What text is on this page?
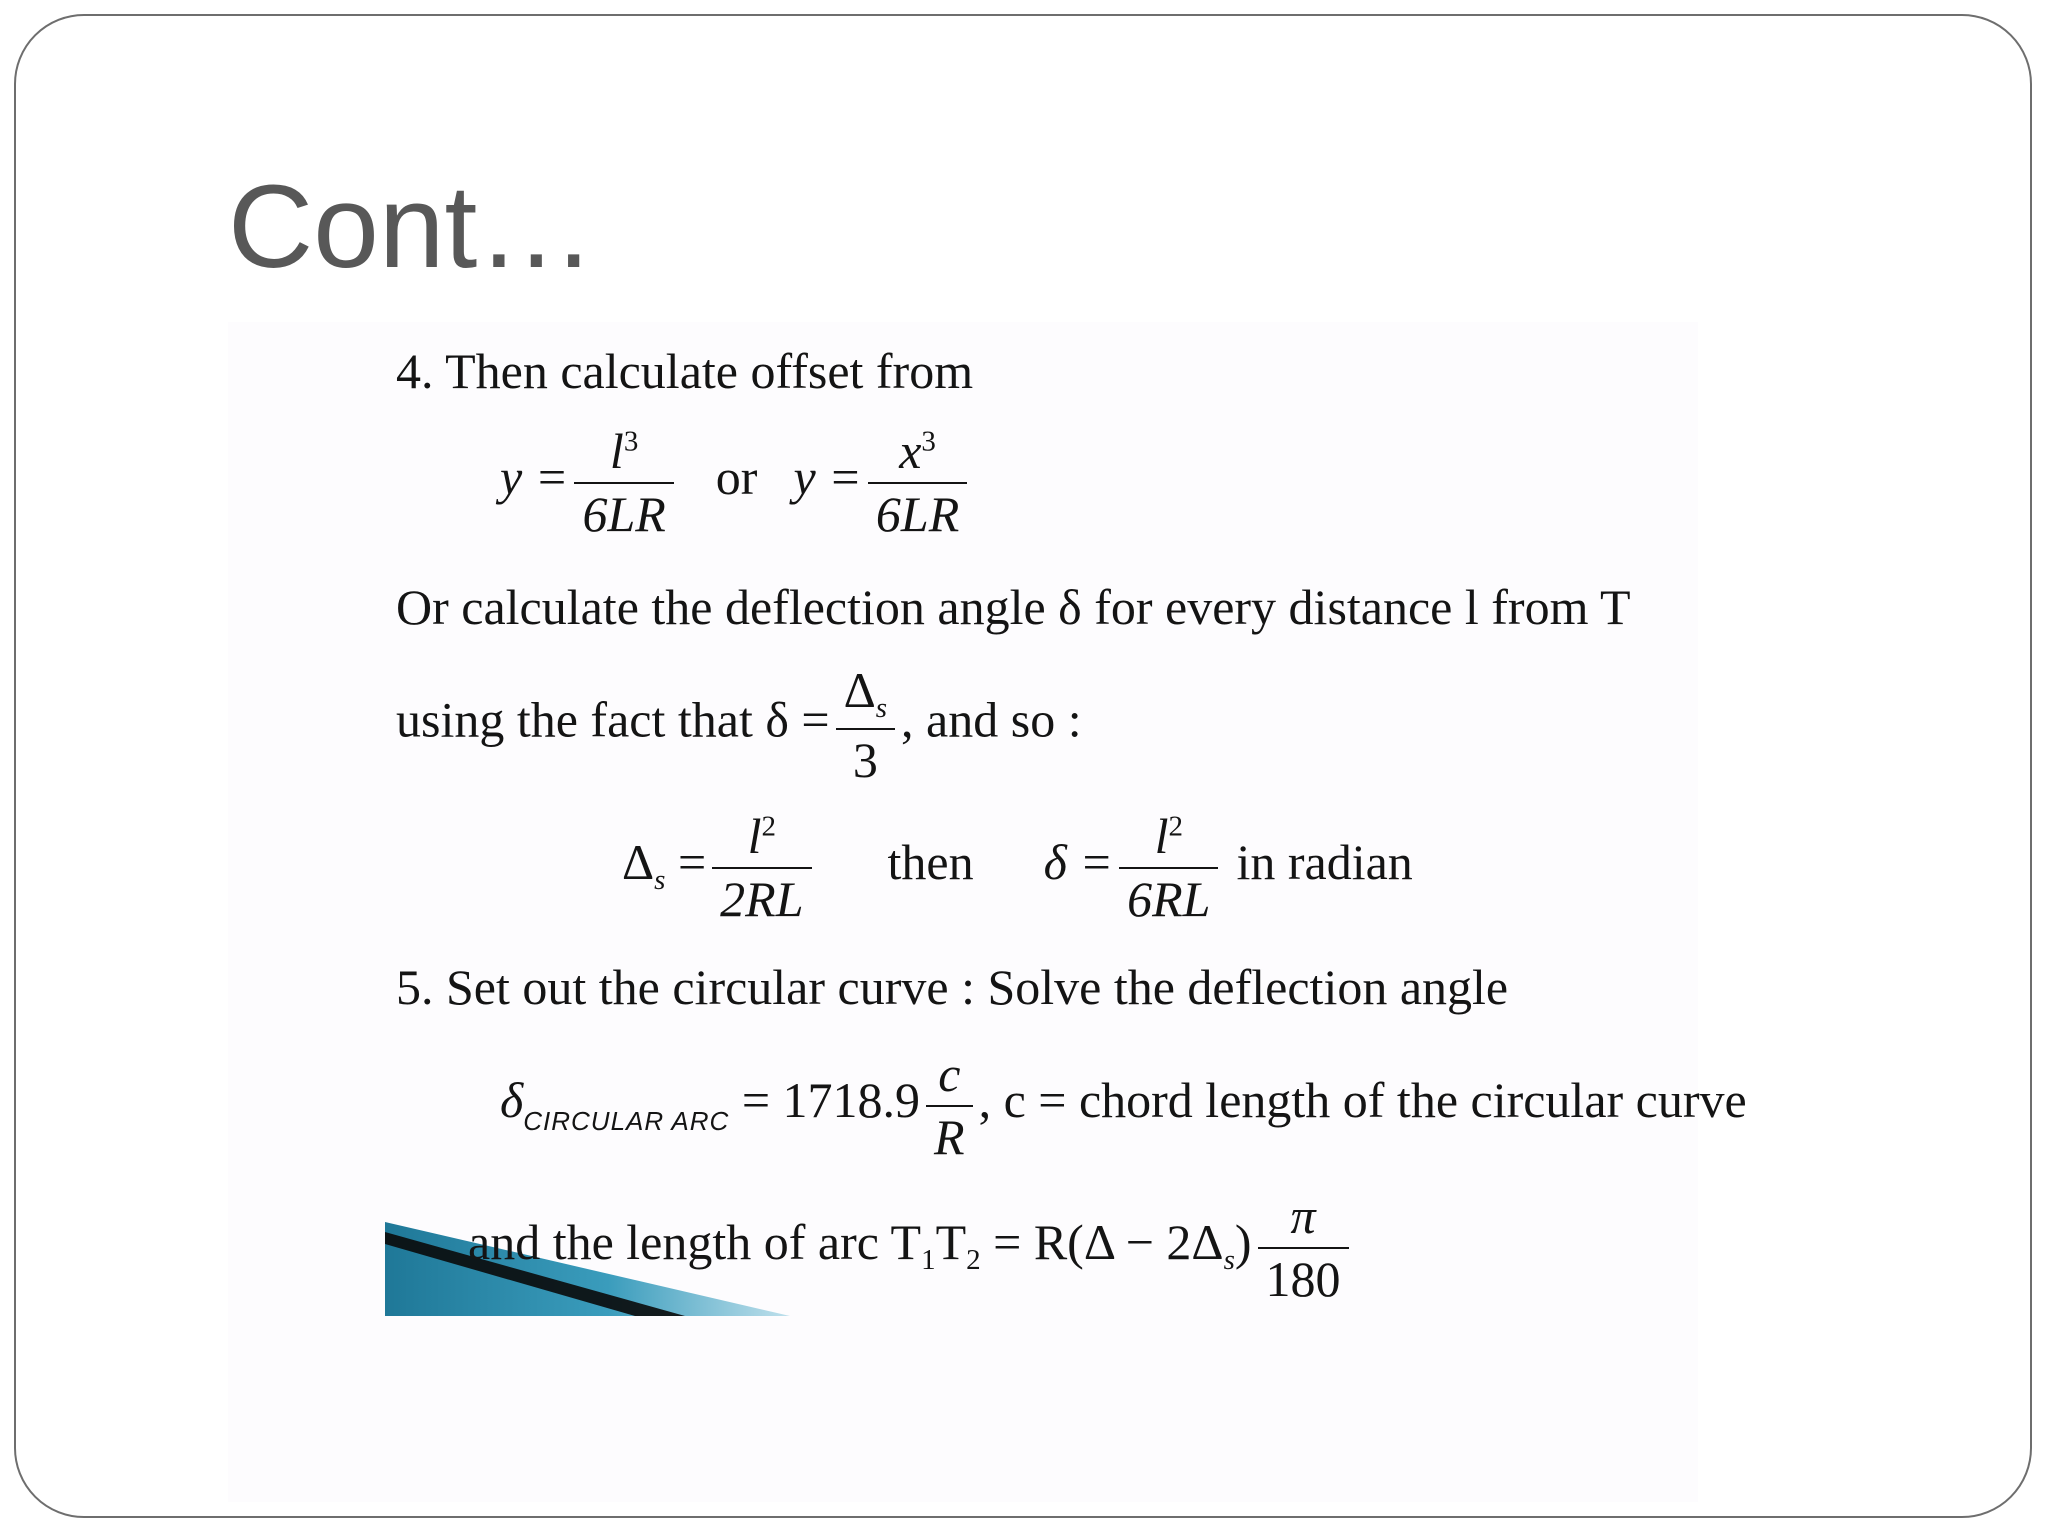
Cont…
4. Then calculate offset from
$y = \frac{l^3}{6LR}$ or $y = \frac{x^3}{6LR}$
Or calculate the deflection angle δ for every distance l from T
using the fact that $\delta = \frac{\Delta_s}{3}$ , and so :
$\Delta_s = \frac{l^2}{2RL}$ then $\delta = \frac{l^2}{6RL}$ in radian
5. Set out the circular curve : Solve the deflection angle
$\delta_{CIRCULAR ARC} = 1718.9 \frac{c}{R}$ , c = chord length of the circular curve
and the length of arc $T_1T_2 = R(\Delta - 2\Delta_s) \frac{\pi}{180}$
